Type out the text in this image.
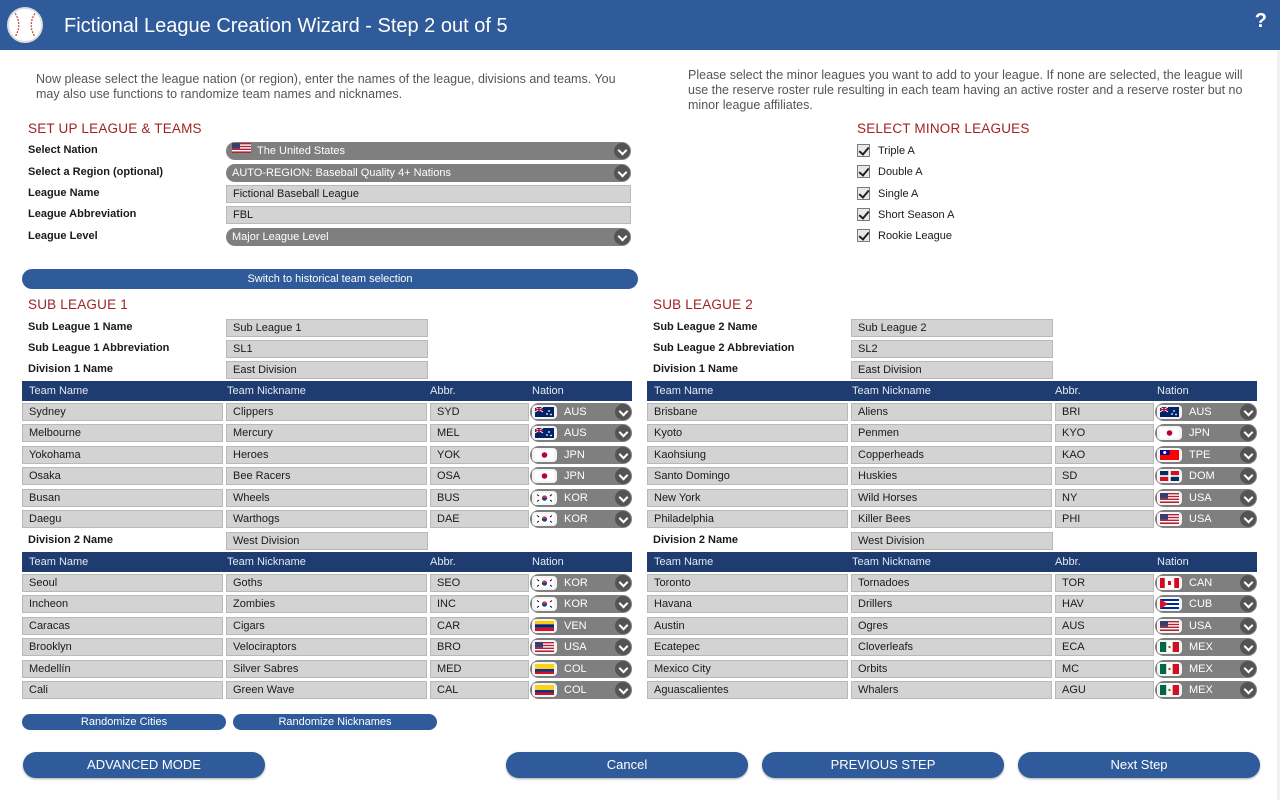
Fictional League Creation Wizard - Step 2 out of 5	?
Now please select the league nation (or region), enter the names of the league, divisions and teams. You may also use functions to randomize team names and nicknames.
Please select the minor leagues you want to add to your league. If none are selected, the league will use the reserve roster rule resulting in each team having an active roster and a reserve roster but no minor league affiliates.
SET UP LEAGUE & TEAMS
Select Nation	The United States
Select a Region (optional)	AUTO-REGION: Baseball Quality 4+ Nations
League Name	Fictional Baseball League
League Abbreviation	FBL
League Level	Major League Level
SELECT MINOR LEAGUES
Triple A
Double A
Single A
Short Season A
Rookie League
Switch to historical team selection
SUB LEAGUE 1
Sub League 1 Name	Sub League 1
Sub League 1 Abbreviation	SL1
Division 1 Name	East Division
Team Name	Team Nickname	Abbr.	Nation
Division 2 Name	West Division
Team Name	Team Nickname	Abbr.	Nation
SUB LEAGUE 2
Sub League 2 Name	Sub League 2
Sub League 2 Abbreviation	SL2
Division 1 Name	East Division
Team Name	Team Nickname	Abbr.	Nation
Division 2 Name	West Division
Team Name	Team Nickname	Abbr.	Nation
Randomize Cities	Randomize Nicknames
ADVANCED MODE	Cancel	PREVIOUS STEP	Next Step
Sydney	Clippers	SYD	AUS
Melbourne	Mercury	MEL	AUS
Yokohama	Heroes	YOK	JPN
Osaka	Bee Racers	OSA	JPN
Busan	Wheels	BUS	KOR
Daegu	Warthogs	DAE	KOR
Seoul	Goths	SEO	KOR
Incheon	Zombies	INC	KOR
Caracas	Cigars	CAR	VEN
Brooklyn	Velociraptors	BRO	USA
Medellín	Silver Sabres	MED	COL
Cali	Green Wave	CAL	COL
Brisbane	Aliens	BRI	AUS
Kyoto	Penmen	KYO	JPN
Kaohsiung	Copperheads	KAO	TPE
Santo Domingo	Huskies	SD	DOM
New York	Wild Horses	NY	USA
Philadelphia	Killer Bees	PHI	USA
Toronto	Tornadoes	TOR	CAN
Havana	Drillers	HAV	CUB
Austin	Ogres	AUS	USA
Ecatepec	Cloverleafs	ECA	MEX
Mexico City	Orbits	MC	MEX
Aguascalientes	Whalers	AGU	MEX
